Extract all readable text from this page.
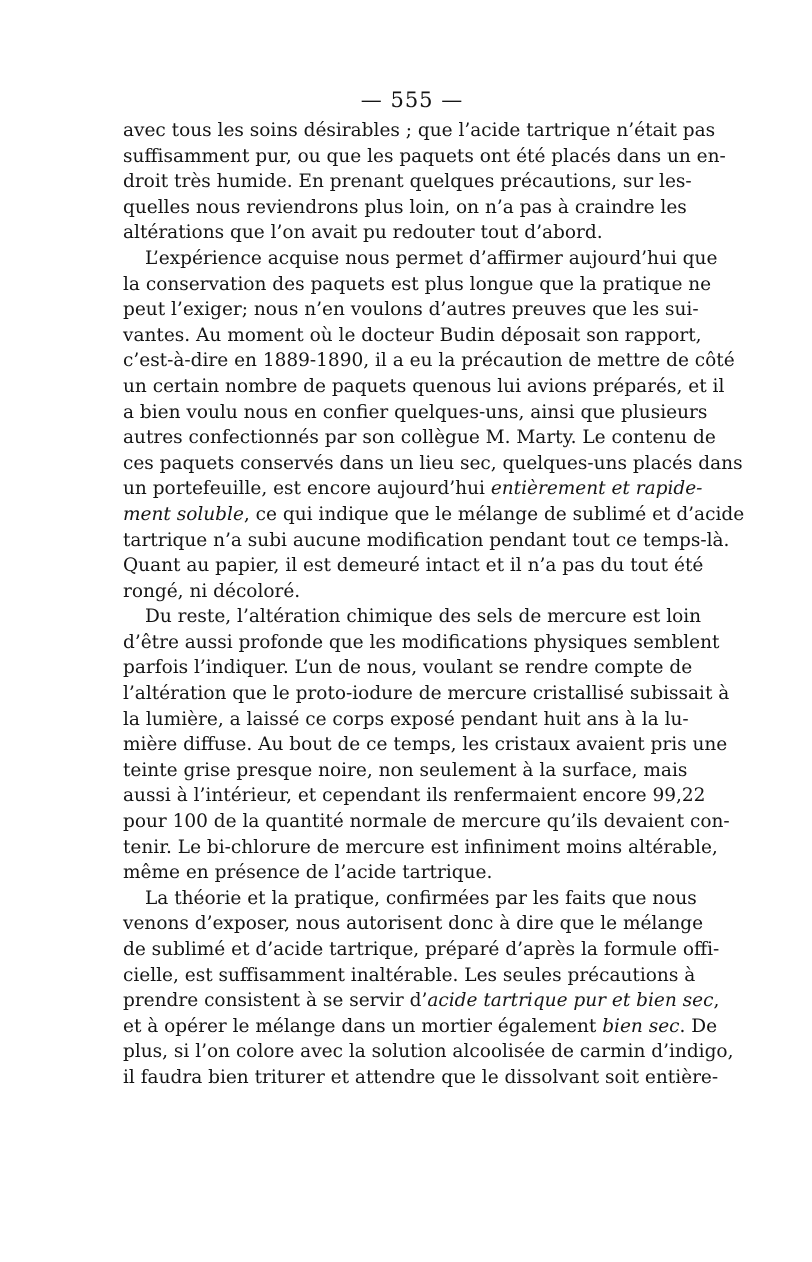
— 555 —
avec tous les soins désirables ; que l’acide tartrique n’était pas
suffisamment pur, ou que les paquets ont été placés dans un en-
droit très humide. En prenant quelques précautions, sur les-
quelles nous reviendrons plus loin, on n’a pas à craindre les
altérations que l’on avait pu redouter tout d’abord.
L’expérience acquise nous permet d’affirmer aujourd’hui que
la conservation des paquets est plus longue que la pratique ne
peut l’exiger; nous n’en voulons d’autres preuves que les sui-
vantes. Au moment où le docteur Budin déposait son rapport,
c’est-à-dire en 1889-1890, il a eu la précaution de mettre de côté
un certain nombre de paquets quenous lui avions préparés, et il
a bien voulu nous en confier quelques-uns, ainsi que plusieurs
autres confectionnés par son collègue M. Marty. Le contenu de
ces paquets conservés dans un lieu sec, quelques-uns placés dans
un portefeuille, est encore aujourd’hui entièrement et rapide-
ment soluble, ce qui indique que le mélange de sublimé et d’acide
tartrique n’a subi aucune modification pendant tout ce temps-là.
Quant au papier, il est demeuré intact et il n’a pas du tout été
rongé, ni décoloré.
Du reste, l’altération chimique des sels de mercure est loin
d’être aussi profonde que les modifications physiques semblent
parfois l’indiquer. L’un de nous, voulant se rendre compte de
l’altération que le proto-iodure de mercure cristallisé subissait à
la lumière, a laissé ce corps exposé pendant huit ans à la lu-
mière diffuse. Au bout de ce temps, les cristaux avaient pris une
teinte grise presque noire, non seulement à la surface, mais
aussi à l’intérieur, et cependant ils renfermaient encore 99,22
pour 100 de la quantité normale de mercure qu’ils devaient con-
tenir. Le bi-chlorure de mercure est infiniment moins altérable,
même en présence de l’acide tartrique.
La théorie et la pratique, confirmées par les faits que nous
venons d’exposer, nous autorisent donc à dire que le mélange
de sublimé et d’acide tartrique, préparé d’après la formule offi-
cielle, est suffisamment inaltérable. Les seules précautions à
prendre consistent à se servir d’acide tartrique pur et bien sec,
et à opérer le mélange dans un mortier également bien sec. De
plus, si l’on colore avec la solution alcoolisée de carmin d’indigo,
il faudra bien triturer et attendre que le dissolvant soit entière-
